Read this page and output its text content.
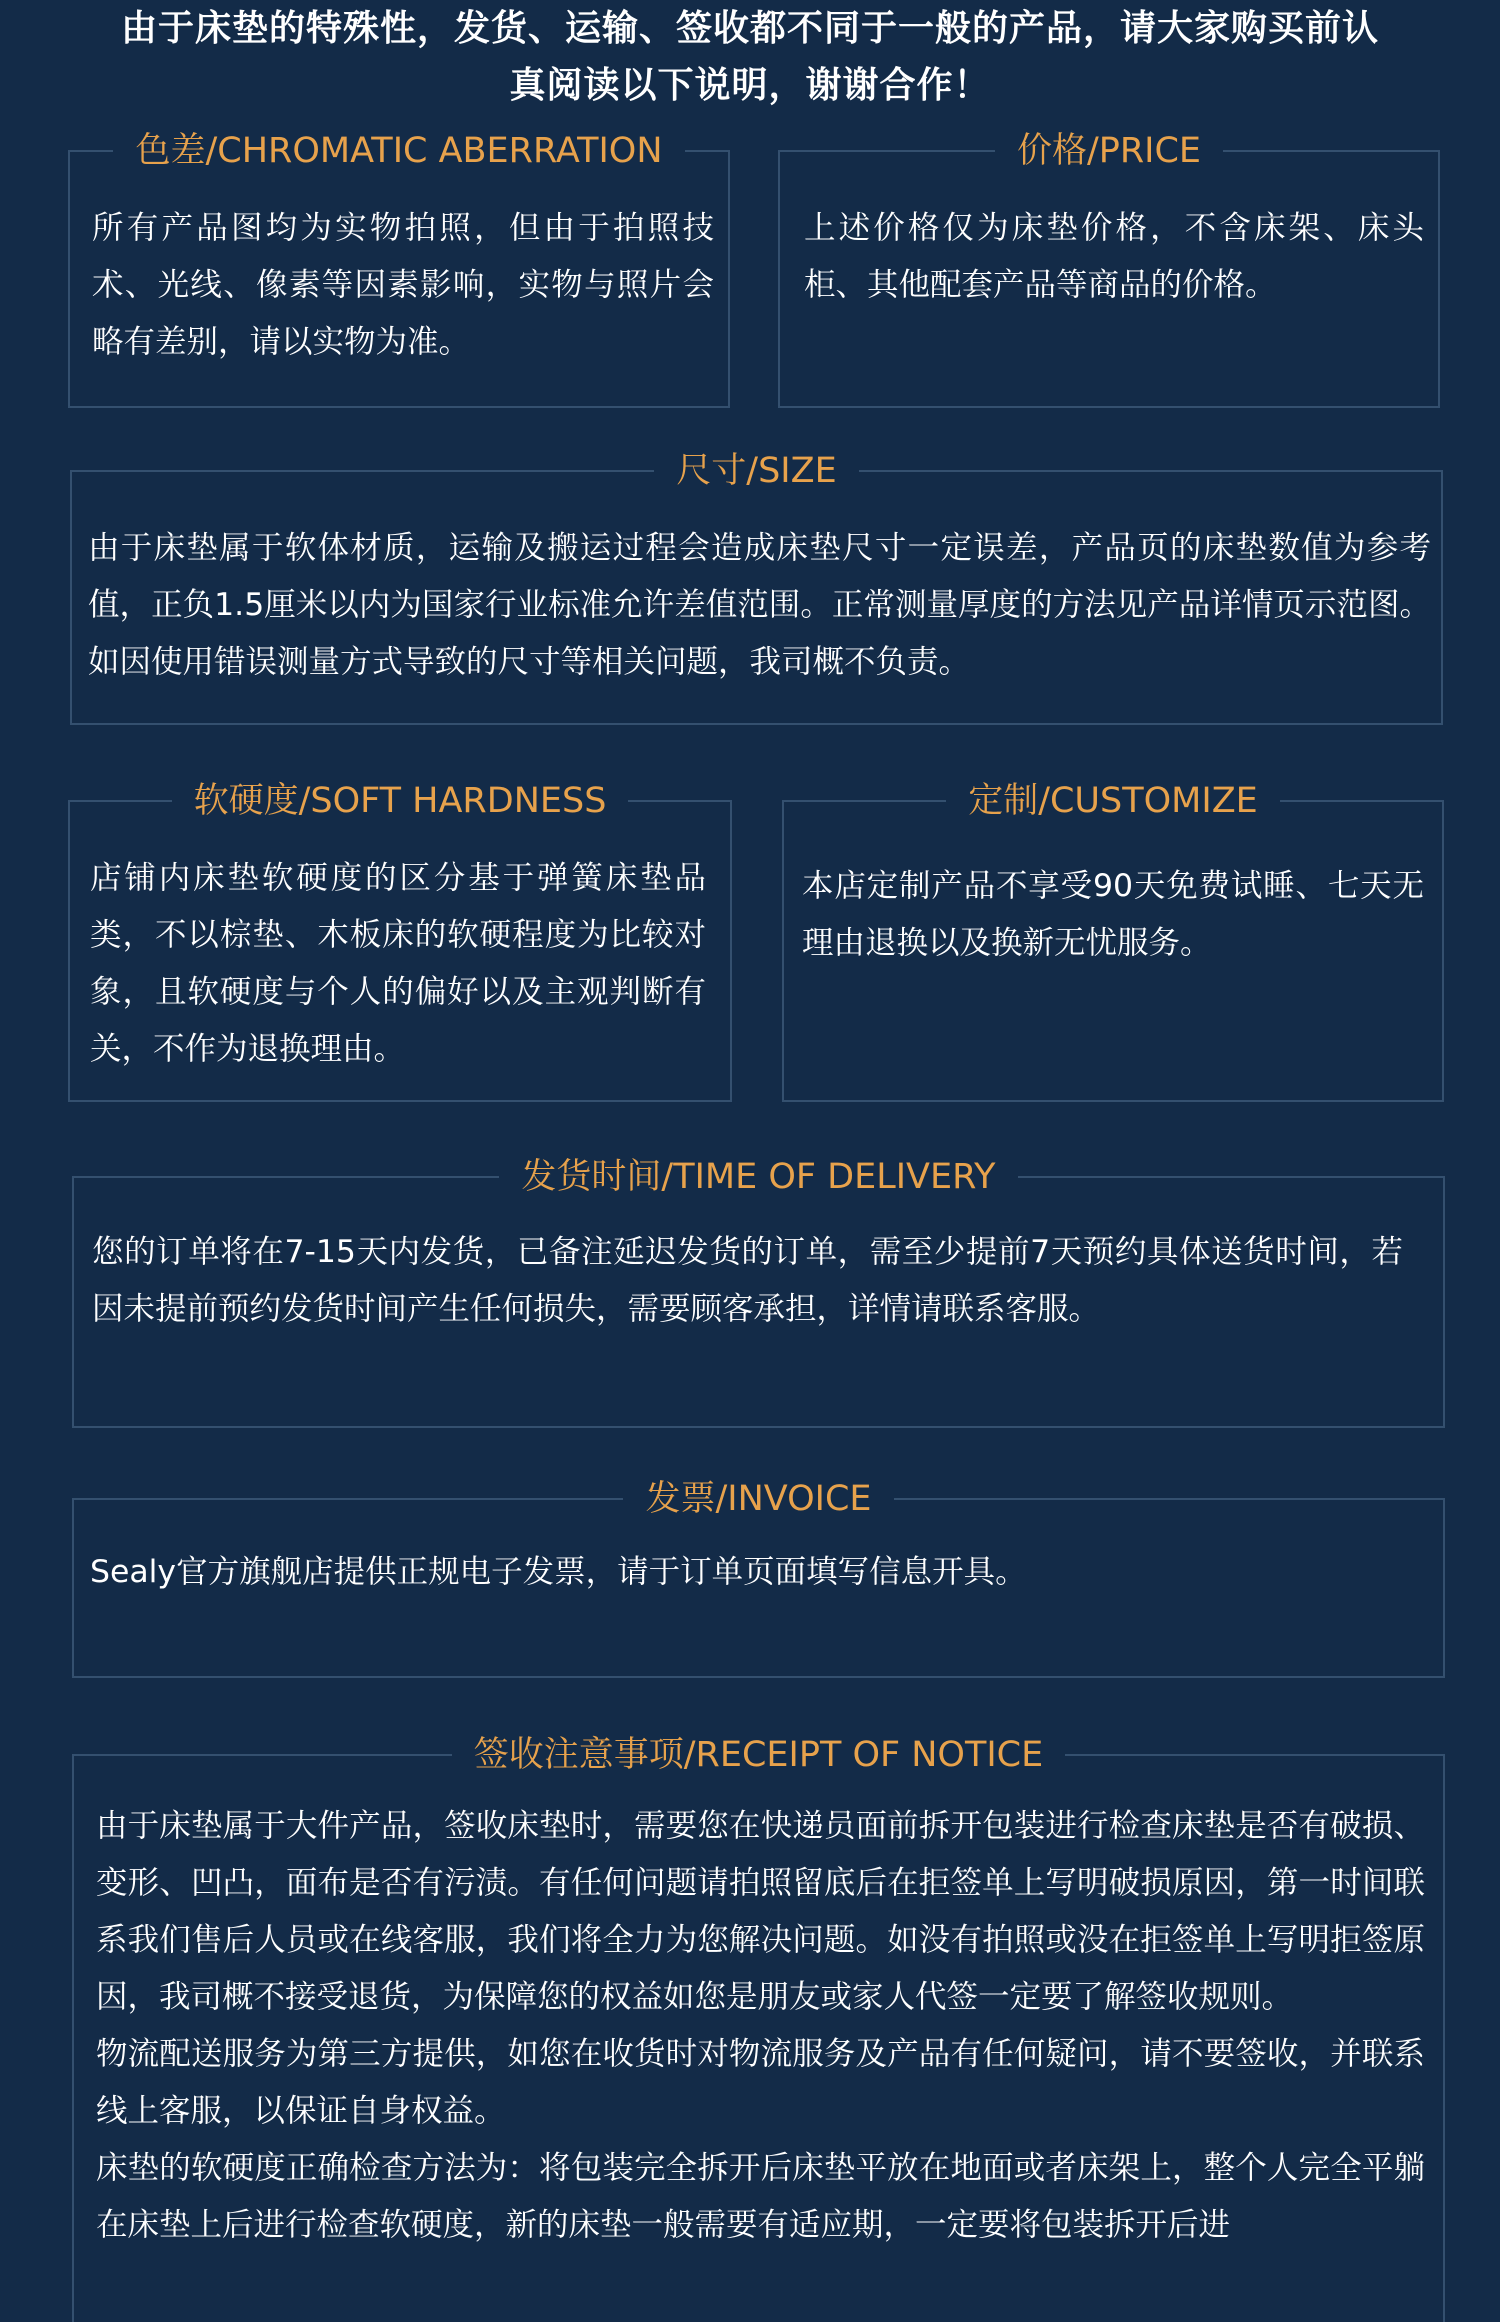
由于床垫的特殊性，发货、运输、签收都不同于一般的产品，请大家购买前认
真阅读以下说明，谢谢合作！
色差/CHROMATIC ABERRATION
所有产品图均为实物拍照，但由于拍照技术、光线、像素等因素影响，实物与照片会略有差别，请以实物为准。
价格/PRICE
上述价格仅为床垫价格，不含床架、床头柜、其他配套产品等商品的价格。
尺寸/SIZE
由于床垫属于软体材质，运输及搬运过程会造成床垫尺寸一定误差，产品页的床垫数值为参考值，正负1.5厘米以内为国家行业标准允许差值范围。正常测量厚度的方法见产品详情页示范图。如因使用错误测量方式导致的尺寸等相关问题，我司概不负责。
软硬度/SOFT HARDNESS
店铺内床垫软硬度的区分基于弹簧床垫品类，不以棕垫、木板床的软硬程度为比较对象，且软硬度与个人的偏好以及主观判断有关，不作为退换理由。
定制/CUSTOMIZE
本店定制产品不享受90天免费试睡、七天无理由退换以及换新无忧服务。
发货时间/TIME OF DELIVERY
您的订单将在7-15天内发货，已备注延迟发货的订单，需至少提前7天预约具体送货时间，若因未提前预约发货时间产生任何损失，需要顾客承担，详情请联系客服。
发票/INVOICE
Sealy官方旗舰店提供正规电子发票，请于订单页面填写信息开具。
签收注意事项/RECEIPT OF NOTICE

由于床垫属于大件产品，签收床垫时，需要您在快递员面前拆开包装进行检查床垫是否有破损、变形、凹凸，面布是否有污渍。有任何问题请拍照留底后在拒签单上写明破损原因，第一时间联系我们售后人员或在线客服，我们将全力为您解决问题。如没有拍照或没在拒签单上写明拒签原因，我司概不接受退货，为保障您的权益如您是朋友或家人代签一定要了解签收规则。

物流配送服务为第三方提供，如您在收货时对物流服务及产品有任何疑问，请不要签收，并联系线上客服，以保证自身权益。

床垫的软硬度正确检查方法为：将包装完全拆开后床垫平放在地面或者床架上，整个人完全平躺在床垫上后进行检查软硬度，新的床垫一般需要有适应期，一定要将包装拆开后进
